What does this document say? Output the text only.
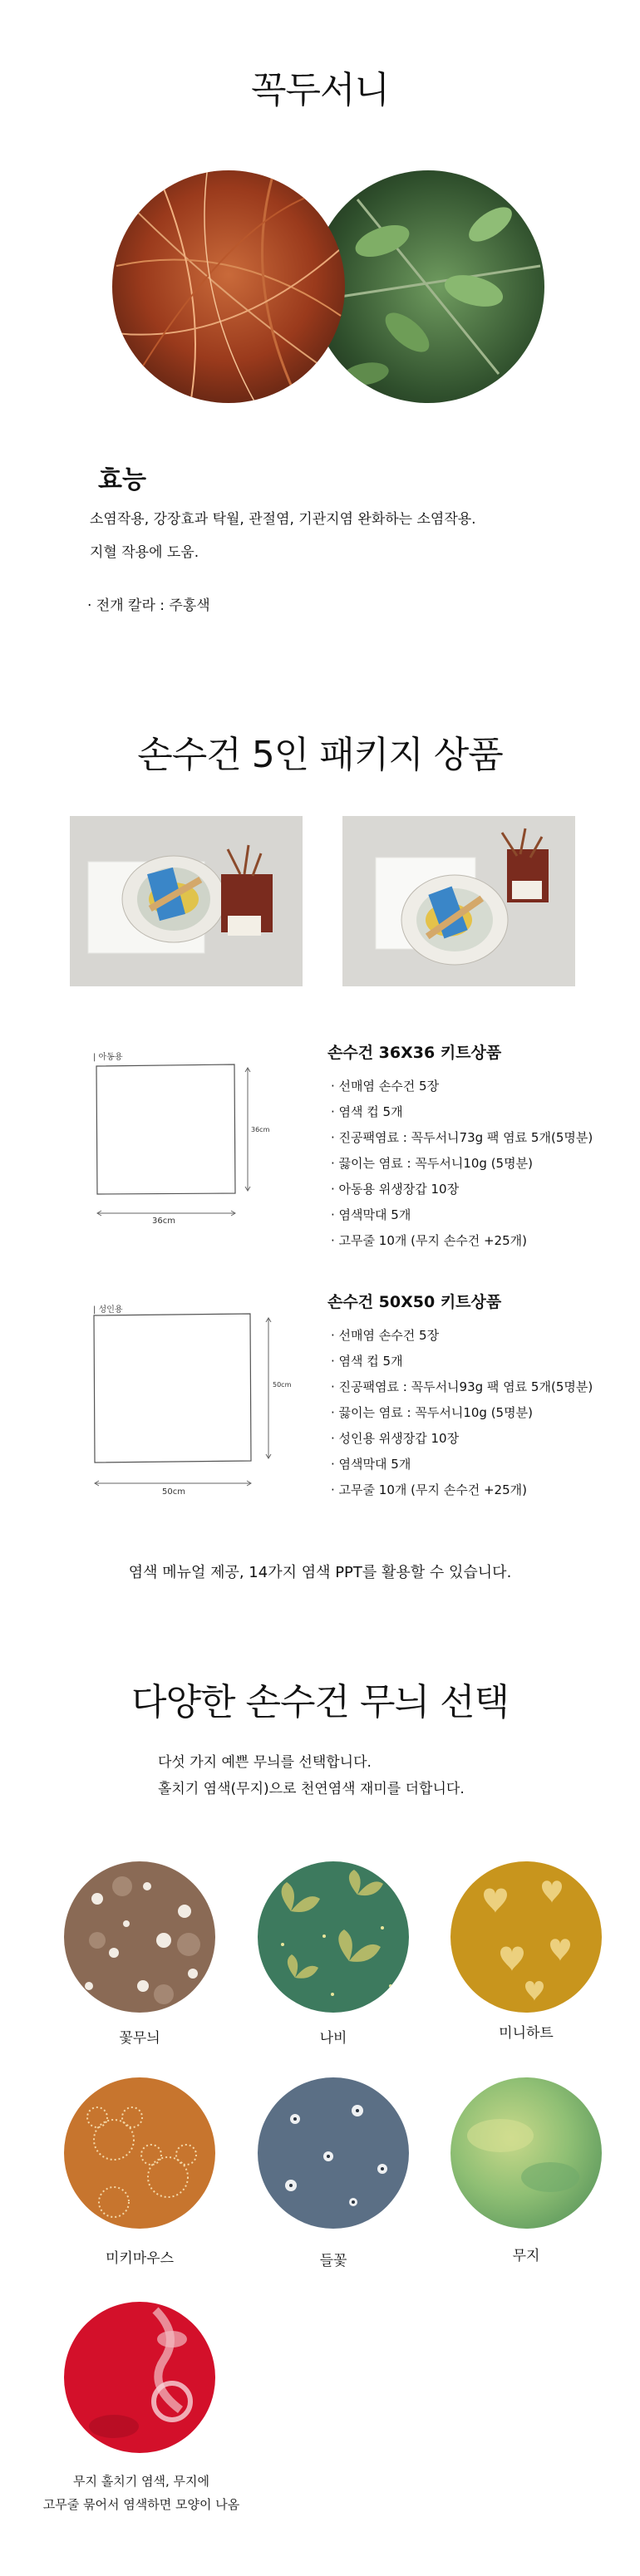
꼭두서니
효능
소염작용, 강장효과 탁월, 관절염, 기관지염 완화하는 소염작용.
지혈 작용에 도움.
· 전개 칼라 : 주홍색
손수건 5인 패키지 상품
| 아동용
36cm
36cm
손수건 36X36 키트상품
· 선매염 손수건 5장
· 염색 컵 5개
· 진공팩염료 : 꼭두서니73g 팩 염료 5개(5명분)
· 끓이는 염료 : 꼭두서니10g (5명분)
· 아동용 위생장갑 10장
· 염색막대 5개
· 고무줄 10개 (무지 손수건 +25개)
| 성인용
50cm
50cm
손수건 50X50 키트상품
· 선매염 손수건 5장
· 염색 컵 5개
· 진공팩염료 : 꼭두서니93g 팩 염료 5개(5명분)
· 끓이는 염료 : 꼭두서니10g (5명분)
· 성인용 위생장갑 10장
· 염색막대 5개
· 고무줄 10개 (무지 손수건 +25개)
염색 메뉴얼 제공, 14가지 염색 PPT를 활용할 수 있습니다.
다양한 손수건 무늬 선택
다섯 가지 예쁜 무늬를 선택합니다.
홀치기 염색(무지)으로 천연염색 재미를 더합니다.
꽃무늬	나비	미니하트
미키마우스	들꽃	무지
무지 홀치기 염색, 무지에
고무줄 묶어서 염색하면 모양이 나옴
